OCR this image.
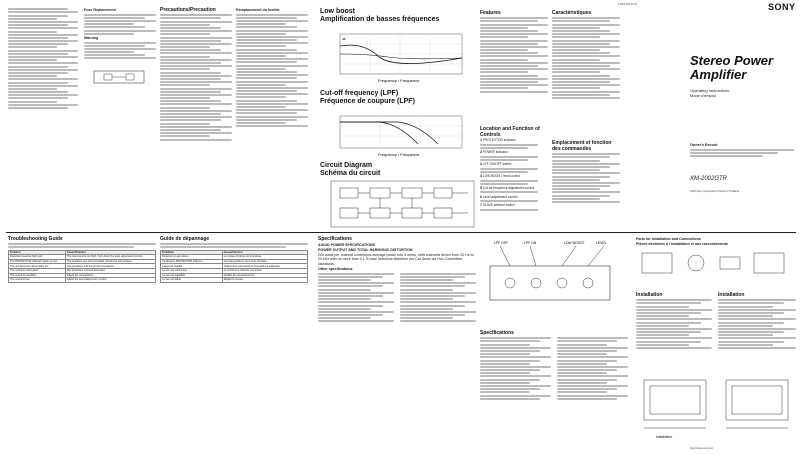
4-993-784-11 (1)	SONY
Fuse Replacement
Warning
Precautions/Precaution	Remplacement du fusible	Low boost
Amplification de basses fréquences
Frequency / Fréquence
dB
Cut-off frequency (LPF)
Fréquence de coupure (LPF)
Frequency / Fréquence
Circuit Diagram
Schéma du circuit
Features
Location and Function of Controls
1 PROTECTOR indicator
2 POWER indicator
3 LPF ON/OFF switch
4 LOW BOOST level control
5 Cut-off frequency adjustment control
6 Level adjustment control
7 SLAVE selector switch
Caractéristiques
Emplacement et fonction des commandes
Stereo Power
Amplifier
Operating Instructions
Mode d'emploi
Owner's Record
XM-2002GTR
2000 Sony Corporation Printed in Thailand
Troubleshooting Guide
Problem	Cause/Solution
Distortion heard at high gain	The input level is too high. Turn down the level adjustment control.
The PROTECTOR indicator lights up red	The speakers are short-circuited. Check the connections.
The unit becomes abnormally hot	Use speakers with the proper impedance.
The sound is interrupted	The protective circuit is activated.
The sound is inaudible	Check the connections.
The sound is low	Adjust the level adjustment control.
Guide de dépannage
Problème	Cause/Solution
Distorsion à gain élevé	Le niveau d'entrée est trop élevé.
L'indicateur PROTECTOR s'allume	Les haut-parleurs sont court-circuités.
L'appareil chauffe	Utilisez des haut-parleurs d'impédance adéquate.
Le son est interrompu	Le circuit de protection est activé.
Le son est inaudible	Vérifiez les raccordements.
Le son est faible	Réglez le niveau.
Specifications
AUDIO POWER SPECIFICATIONS
POWER OUTPUT AND TOTAL HARMONIC DISTORTION
200 watts per channel continuous average power into 4 ohms, both channels driven from 20 Hz to 20 kHz with no more than 0.1 % total harmonic distortion per Car Audio Ad Hoc Committee standards.
Other specifications
LPF OFF	LPF ON	LOW BOOST	LEVEL
Specifications
Parts for Installation and Connections
Pièces destinées à l'installation et aux raccordements
Installation	Installation
Installation
http://www.sony.net/
